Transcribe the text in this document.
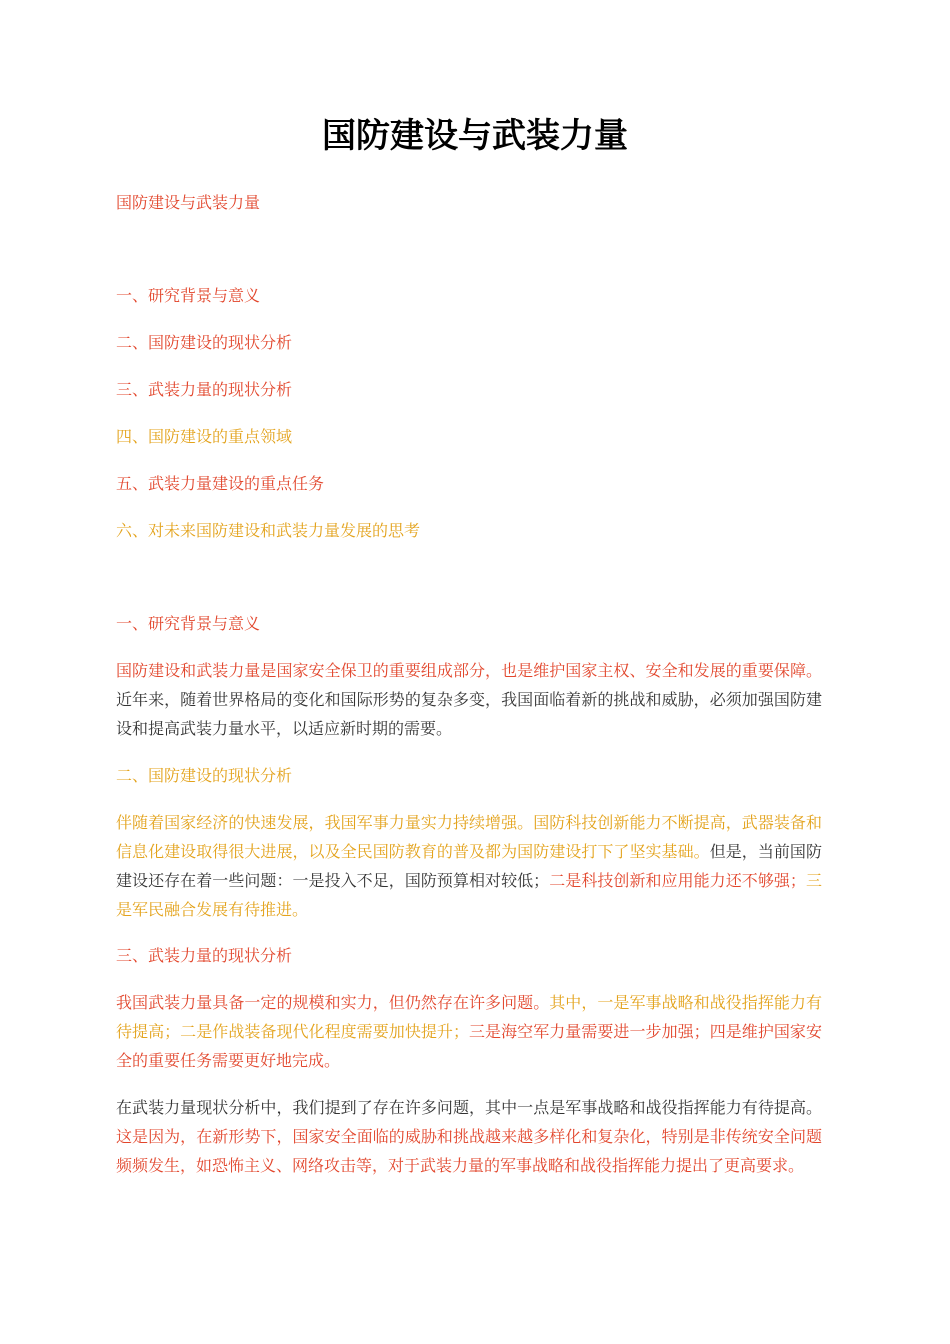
国防建设与武装力量

国防建设与武装力量

一、研究背景与意义

二、国防建设的现状分析

三、武装力量的现状分析

四、国防建设的重点领域

五、武装力量建设的重点任务

六、对未来国防建设和武装力量发展的思考

一、研究背景与意义

国防建设和武装力量是国家安全保卫的重要组成部分，也是维护国家主权、安全和发展的重要保障。近年来，随着世界格局的变化和国际形势的复杂多变，我国面临着新的挑战和威胁，必须加强国防建设和提高武装力量水平，以适应新时期的需要。

二、国防建设的现状分析

伴随着国家经济的快速发展，我国军事力量实力持续增强。国防科技创新能力不断提高，武器装备和信息化建设取得很大进展，以及全民国防教育的普及都为国防建设打下了坚实基础。但是，当前国防建设还存在着一些问题：一是投入不足，国防预算相对较低；二是科技创新和应用能力还不够强；三是军民融合发展有待推进。

三、武装力量的现状分析

我国武装力量具备一定的规模和实力，但仍然存在许多问题。其中，一是军事战略和战役指挥能力有待提高；二是作战装备现代化程度需要加快提升；三是海空军力量需要进一步加强；四是维护国家安全的重要任务需要更好地完成。

在武装力量现状分析中，我们提到了存在许多问题，其中一点是军事战略和战役指挥能力有待提高。这是因为，在新形势下，国家安全面临的威胁和挑战越来越多样化和复杂化，特别是非传统安全问题频频发生，如恐怖主义、网络攻击等，对于武装力量的军事战略和战役指挥能力提出了更高要求。
